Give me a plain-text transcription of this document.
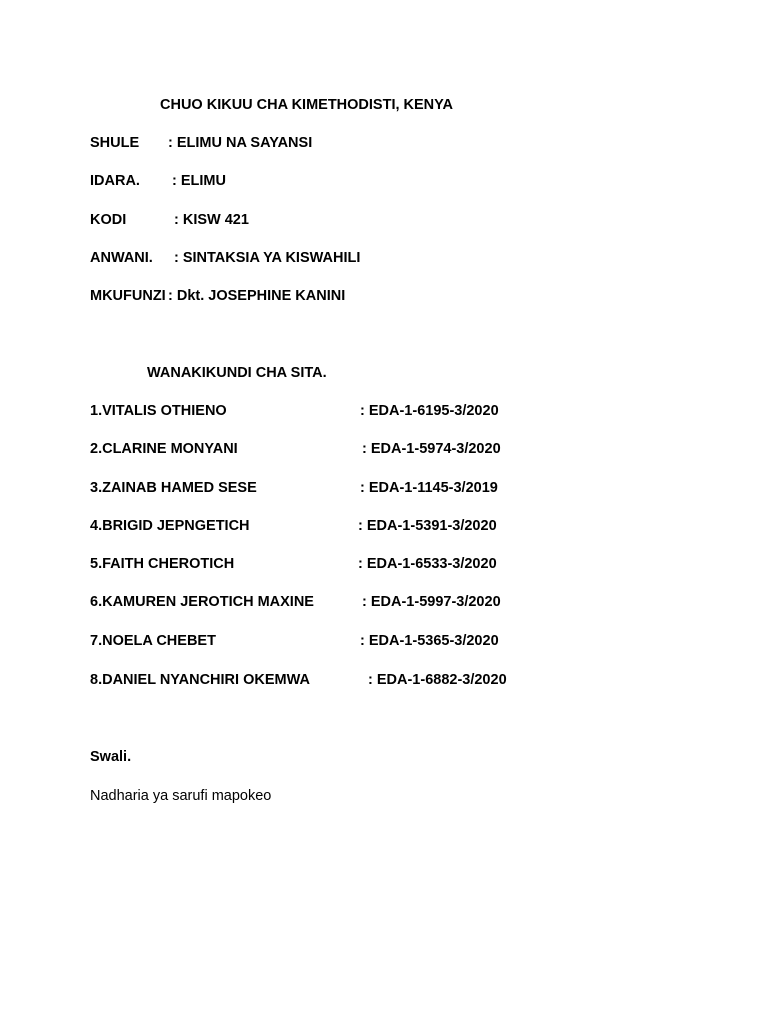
CHUO KIKUU CHA KIMETHODISTI, KENYA
SHULE : ELIMU NA SAYANSI
IDARA. : ELIMU
KODI	: KISW 421
ANWANI. : SINTAKSIA YA KISWAHILI
MKUFUNZI : Dkt. JOSEPHINE KANINI
WANAKIKUNDI CHA SITA.
1.VITALIS OTHIENO	: EDA-1-6195-3/2020
2.CLARINE MONYANI	: EDA-1-5974-3/2020
3.ZAINAB HAMED SESE	: EDA-1-1145-3/2019
4.BRIGID JEPNGETICH	: EDA-1-5391-3/2020
5.FAITH CHEROTICH	: EDA-1-6533-3/2020
6.KAMUREN JEROTICH MAXINE	: EDA-1-5997-3/2020
7.NOELA CHEBET	: EDA-1-5365-3/2020
8.DANIEL NYANCHIRI OKEMWA	: EDA-1-6882-3/2020
Swali.
Nadharia ya sarufi mapokeo
